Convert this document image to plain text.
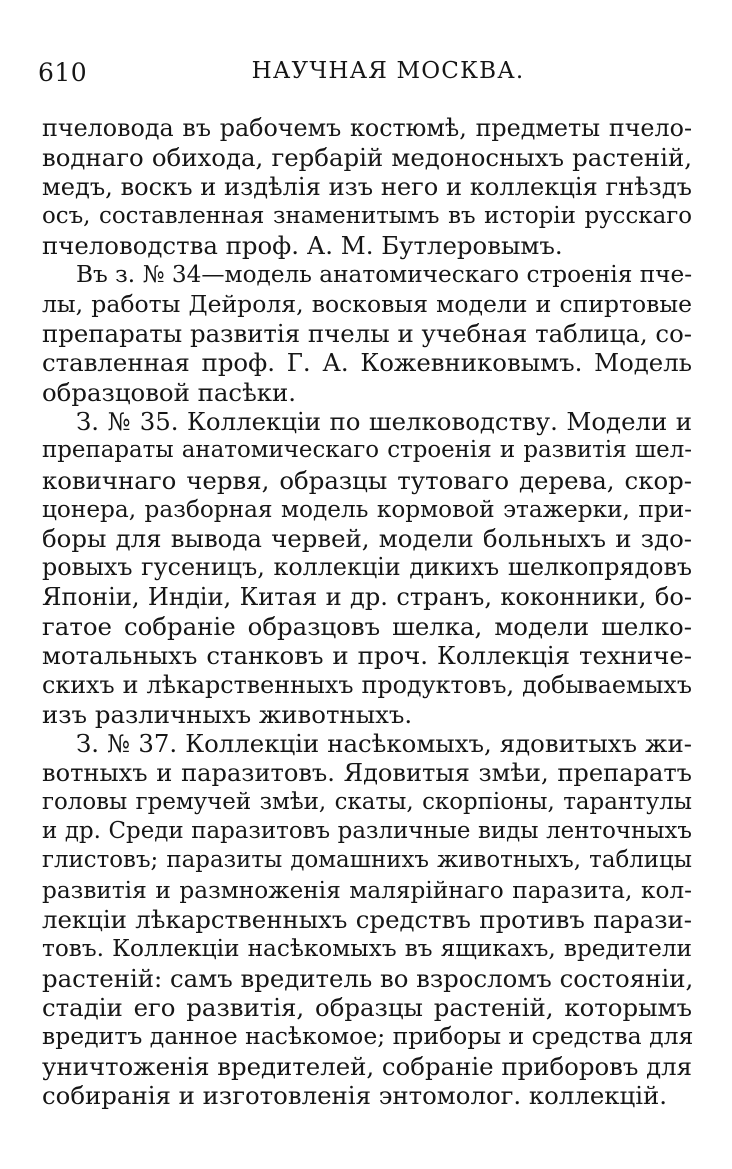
610	НАУЧНАЯ МОСКВА.
пчеловода въ рабочемъ костюмѣ, предметы пчело-
воднаго обихода, гербарій медоносныхъ растеній,
медъ, воскъ и издѣлія изъ него и коллекція гнѣздъ
осъ, составленная знаменитымъ въ исторіи русскаго
пчеловодства проф. А. М. Бутлеровымъ.
Въ з. № 34—модель анатомическаго строенія пче-
лы, работы Дейроля, восковыя модели и спиртовые
препараты развитія пчелы и учебная таблица, со-
ставленная проф. Г. А. Кожевниковымъ. Модель
образцовой пасѣки.
З. № 35. Коллекціи по шелководству. Модели и
препараты анатомическаго строенія и развитія шел-
ковичнаго червя, образцы тутоваго дерева, скор-
цонера, разборная модель кормовой этажерки, при-
боры для вывода червей, модели больныхъ и здо-
ровыхъ гусеницъ, коллекціи дикихъ шелкопрядовъ
Японіи, Индіи, Китая и др. странъ, коконники, бо-
гатое собраніе образцовъ шелка, модели шелко-
мотальныхъ станковъ и проч. Коллекція техниче-
скихъ и лѣкарственныхъ продуктовъ, добываемыхъ
изъ различныхъ животныхъ.
З. № 37. Коллекціи насѣкомыхъ, ядовитыхъ жи-
вотныхъ и паразитовъ. Ядовитыя змѣи, препаратъ
головы гремучей змѣи, скаты, скорпіоны, тарантулы
и др. Среди паразитовъ различные виды ленточныхъ
глистовъ; паразиты домашнихъ животныхъ, таблицы
развитія и размноженія малярійнаго паразита, кол-
лекціи лѣкарственныхъ средствъ противъ парази-
товъ. Коллекціи насѣкомыхъ въ ящикахъ, вредители
растеній: самъ вредитель во взросломъ состояніи,
стадіи его развитія, образцы растеній, которымъ
вредитъ данное насѣкомое; приборы и средства для
уничтоженія вредителей, собраніе приборовъ для
собиранія и изготовленія энтомолог. коллекцій.
